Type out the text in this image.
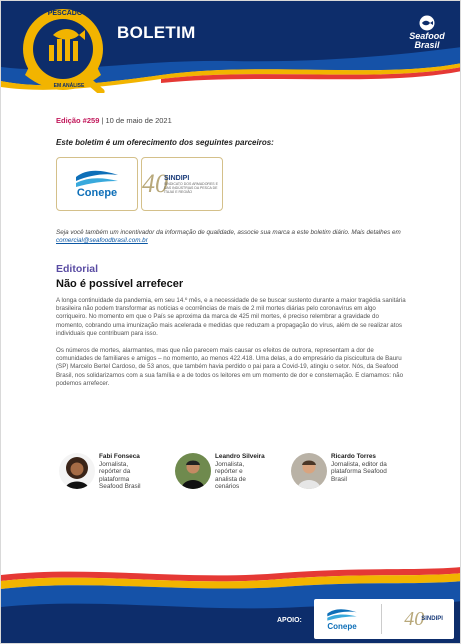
PESCADO
EM ANÁLISE
BOLETIM	Seafood
Brasil
Edição #259 | 10 de maio de 2021
Este boletim é um oferecimento dos seguintes parceiros:
Conepe 40
SINDIPI
SINDICATO DOS ARMADORES E DAS INDÚSTRIAS DA PESCA DE ITAJAÍ E REGIÃO
Seja você também um incentivador da informação de qualidade, associe sua marca a este boletim diário. Mais detalhes em comercial@seafoodbrasil.com.br
Editorial
Não é possível arrefecer

A longa continuidade da pandemia, em seu 14.º mês, e a necessidade de se buscar sustento durante a maior tragédia sanitária brasileira não podem transformar as notícias e ocorrências de mais de 2 mil mortes diárias pelo coronavírus em algo corriqueiro. No momento em que o País se aproxima da marca de 425 mil mortes, é preciso relembrar a gravidade do momento, cobrando uma imunização mais acelerada e medidas que reduzam a propagação do vírus, além de se realizar atos individuais que contribuam para isso.

Os números de mortes, alarmantes, mas que não parecem mais causar os efeitos de outrora, representam a dor de comunidades de familiares e amigos – no momento, ao menos 422.418. Uma delas, a do empresário da piscicultura de Bauru (SP) Marcelo Bertel Cardoso, de 53 anos, que também havia perdido o pai para a Covid-19, atingiu o setor. Nós, da Seafood Brasil, nos solidarizamos com a sua família e a de todos os leitores em um momento de dor e consternação. E clamamos: não podemos arrefecer.

Fabi Fonseca
Jornalista, repórter da plataforma Seafood Brasil
Leandro Silveira
Jornalista, repórter e analista de cenários
Ricardo Torres
Jornalista, editor da plataforma Seafood Brasil
APOIO:
Conepe 40
SINDIPI
